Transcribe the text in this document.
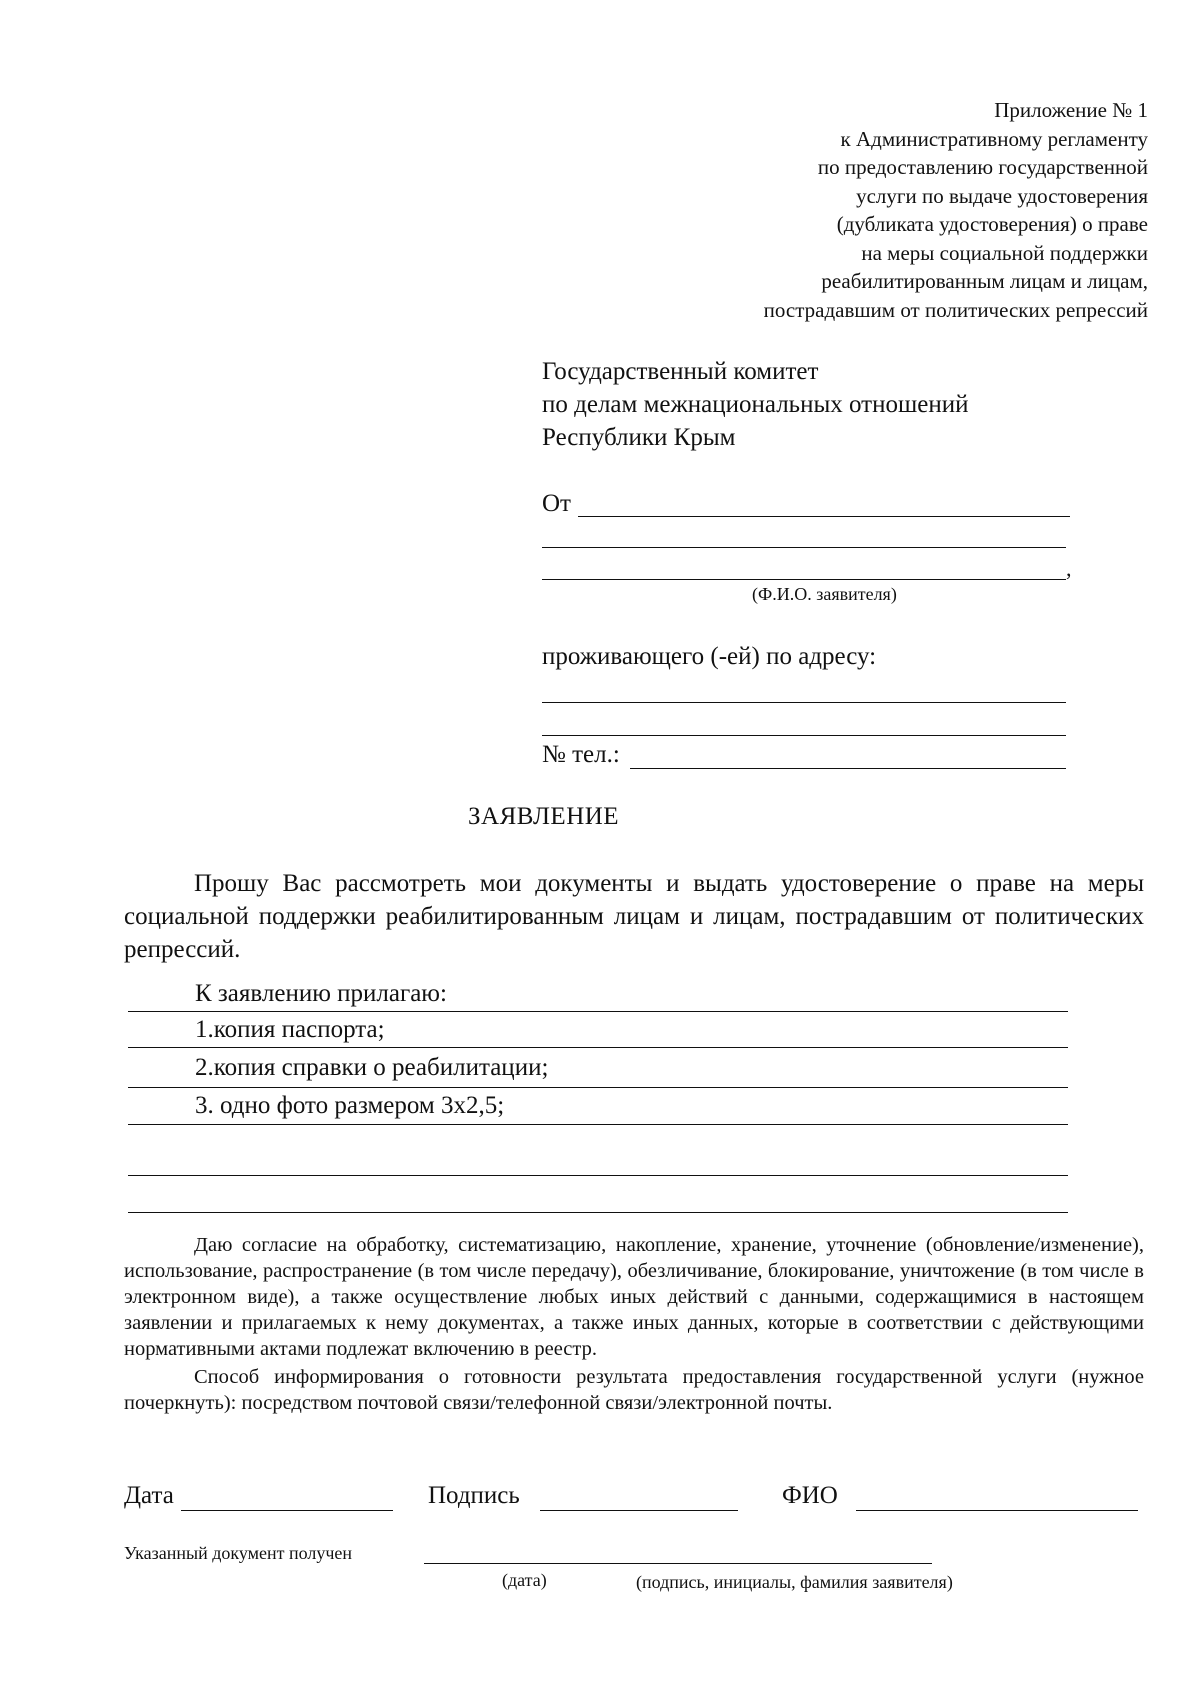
Приложение № 1
к Административному регламенту
по предоставлению государственной
услуги по выдаче удостоверения
(дубликата удостоверения) о праве
на меры социальной поддержки
реабилитированным лицам и лицам,
пострадавшим от политических репрессий
Государственный комитет
по делам межнациональных отношений
Республики Крым
От
,
(Ф.И.О. заявителя)
проживающего (-ей) по адресу:
№ тел.:
ЗАЯВЛЕНИЕ

Прошу Вас рассмотреть мои документы и выдать удостоверение о праве на меры социальной поддержки реабилитированным лицам и лицам, пострадавшим от политических репрессий.

К заявлению прилагаю:
1.копия паспорта;
2.копия справки о реабилитации;
3. одно фото размером 3х2,5;

Даю согласие на обработку, систематизацию, накопление, хранение, уточнение (обновление/изменение), использование, распространение (в том числе передачу), обезличивание, блокирование, уничтожение (в том числе в электронном виде), а также осуществление любых иных действий с данными, содержащимися в настоящем заявлении и прилагаемых к нему документах, а также иных данных, которые в соответствии с действующими нормативными актами подлежат включению в реестр.

Способ информирования о готовности результата предоставления государственной услуги (нужное почеркнуть): посредством почтовой связи/телефонной связи/электронной почты.

Дата	Подпись	ФИО
Указанный документ получен
(дата)	(подпись, инициалы, фамилия заявителя)
